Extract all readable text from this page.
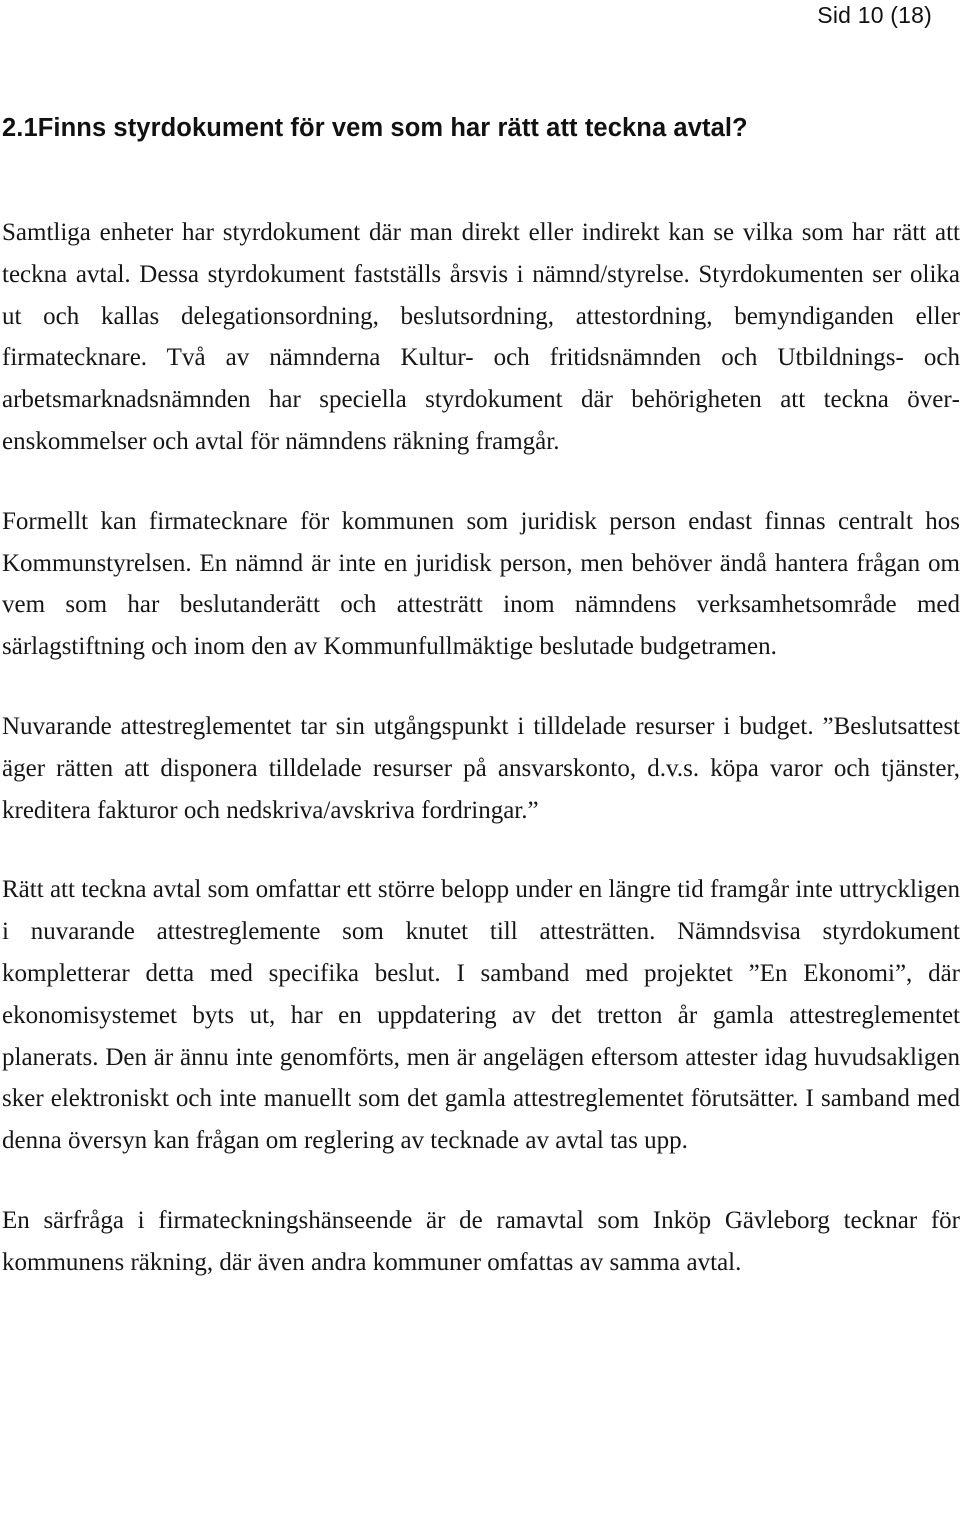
Sid 10 (18)
2.1Finns styrdokument för vem som har rätt att teckna avtal?

Samtliga enheter har styrdokument där man direkt eller indirekt kan se vilka som har rätt att teckna avtal. Dessa styrdokument fastställs årsvis i nämnd/styrelse. Styrdokumenten ser olika ut och kallas delegationsordning, beslutsordning, attestordning, bemyndiganden eller firmatecknare. Två av nämnderna Kultur- och fritidsnämnden och Utbildnings- och arbetsmarknadsnämnden har speciella styrdokument där behörigheten att teckna överenskommelser och avtal för nämndens räkning framgår.

Formellt kan firmatecknare för kommunen som juridisk person endast finnas centralt hos Kommunstyrelsen. En nämnd är inte en juridisk person, men behöver ändå hantera frågan om vem som har beslutanderätt och attesträtt inom nämndens verksamhetsområde med särlagstiftning och inom den av Kommunfullmäktige beslutade budgetramen.

Nuvarande attestreglementet tar sin utgångspunkt i tilldelade resurser i budget. ”Beslutsattest äger rätten att disponera tilldelade resurser på ansvarskonto, d.v.s. köpa varor och tjänster, kreditera fakturor och nedskriva/avskriva fordringar.”

Rätt att teckna avtal som omfattar ett större belopp under en längre tid framgår inte uttryckligen i nuvarande attestreglemente som knutet till attesträtten. Nämndsvisa styrdokument kompletterar detta med specifika beslut. I samband med projektet ”En Ekonomi”, där ekonomisystemet byts ut, har en uppdatering av det tretton år gamla attestreglementet planerats. Den är ännu inte genomförts, men är angelägen eftersom attester idag huvudsakligen sker elektroniskt och inte manuellt som det gamla attestreglementet förutsätter. I samband med denna översyn kan frågan om reglering av tecknade av avtal tas upp.

En särfråga i firmateckningshänseende är de ramavtal som Inköp Gävleborg tecknar för kommunens räkning, där även andra kommuner omfattas av samma avtal.
